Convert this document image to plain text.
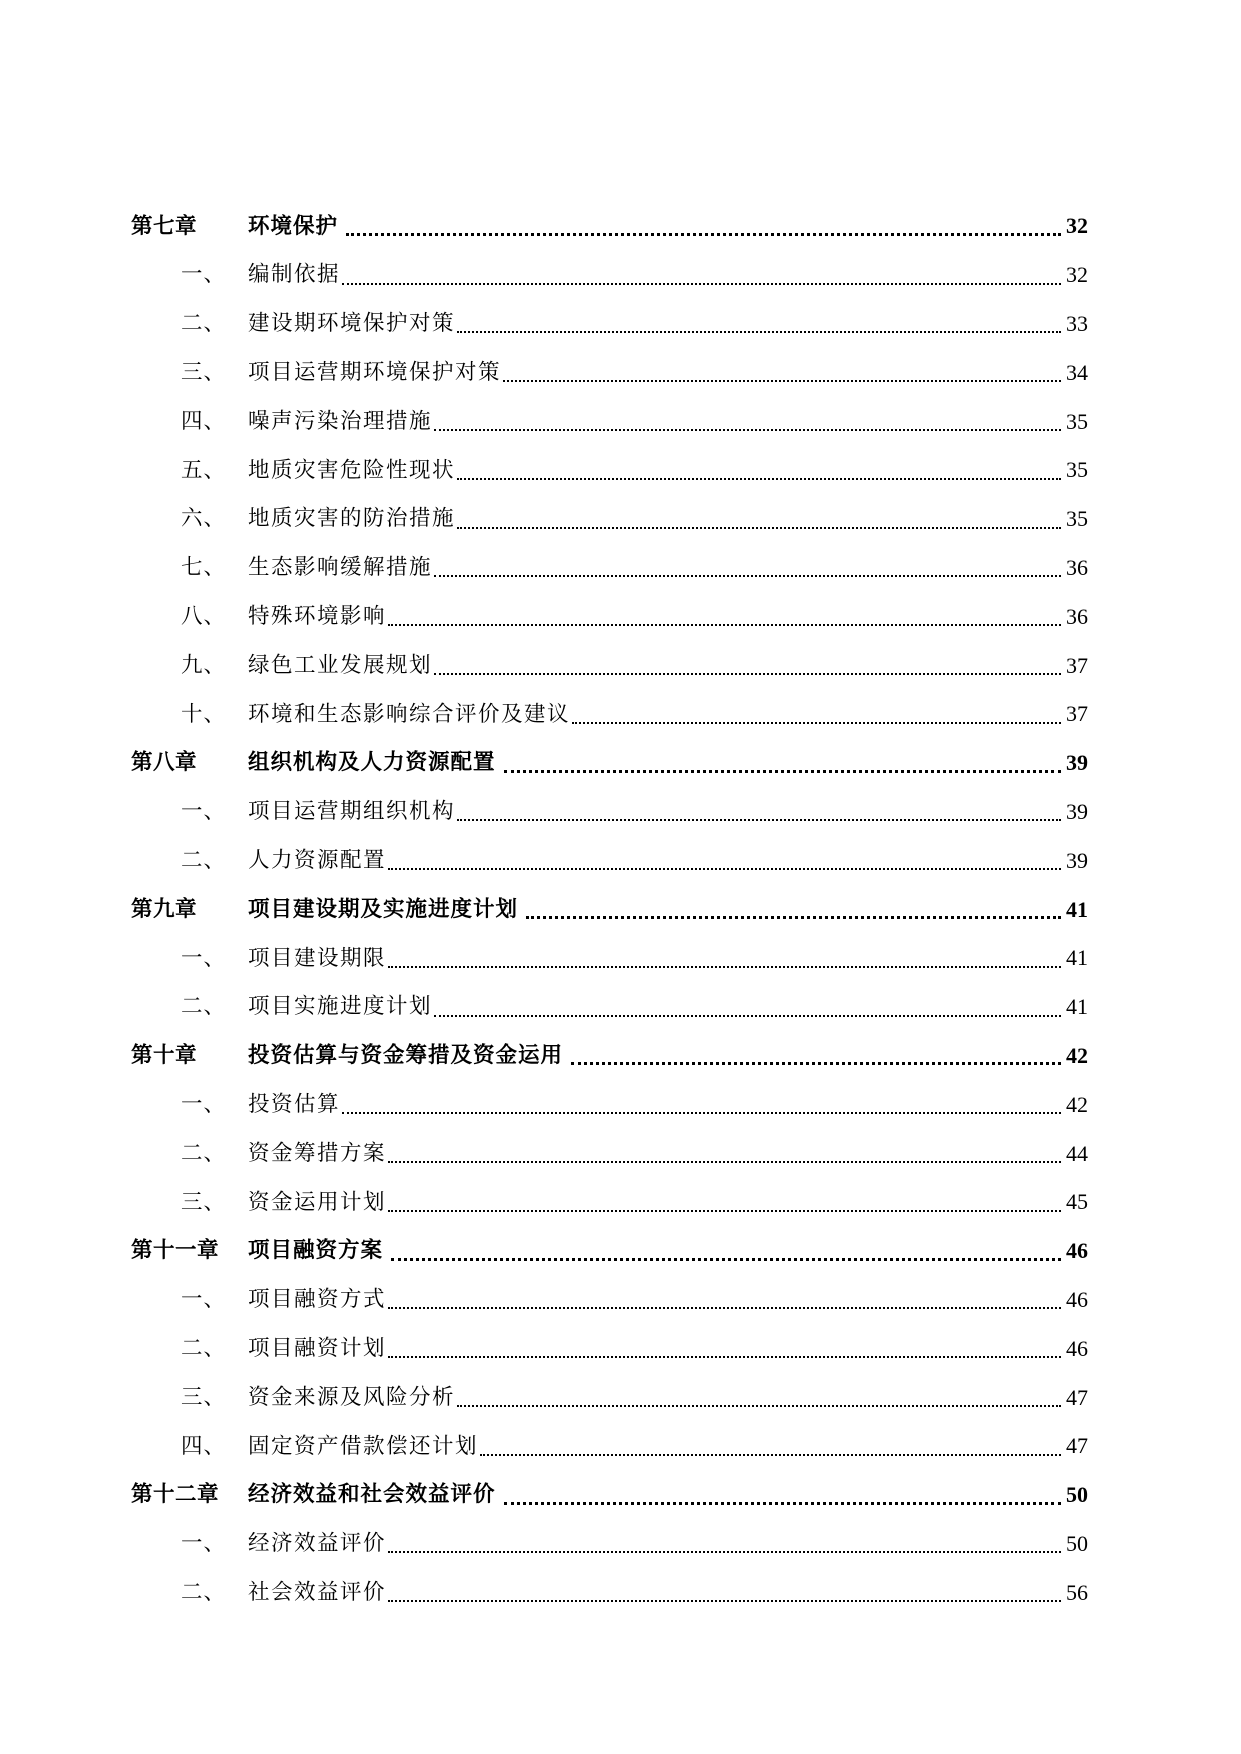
第七章	环境保护	32
一、	编制依据	32
二、	建设期环境保护对策	33
三、	项目运营期环境保护对策	34
四、	噪声污染治理措施	35
五、	地质灾害危险性现状	35
六、	地质灾害的防治措施	35
七、	生态影响缓解措施	36
八、	特殊环境影响	36
九、	绿色工业发展规划	37
十、	环境和生态影响综合评价及建议	37
第八章	组织机构及人力资源配置	39
一、	项目运营期组织机构	39
二、	人力资源配置	39
第九章	项目建设期及实施进度计划	41
一、	项目建设期限	41
二、	项目实施进度计划	41
第十章	投资估算与资金筹措及资金运用	42
一、	投资估算	42
二、	资金筹措方案	44
三、	资金运用计划	45
第十一章	项目融资方案	46
一、	项目融资方式	46
二、	项目融资计划	46
三、	资金来源及风险分析	47
四、	固定资产借款偿还计划	47
第十二章	经济效益和社会效益评价	50
一、	经济效益评价	50
二、	社会效益评价	56
